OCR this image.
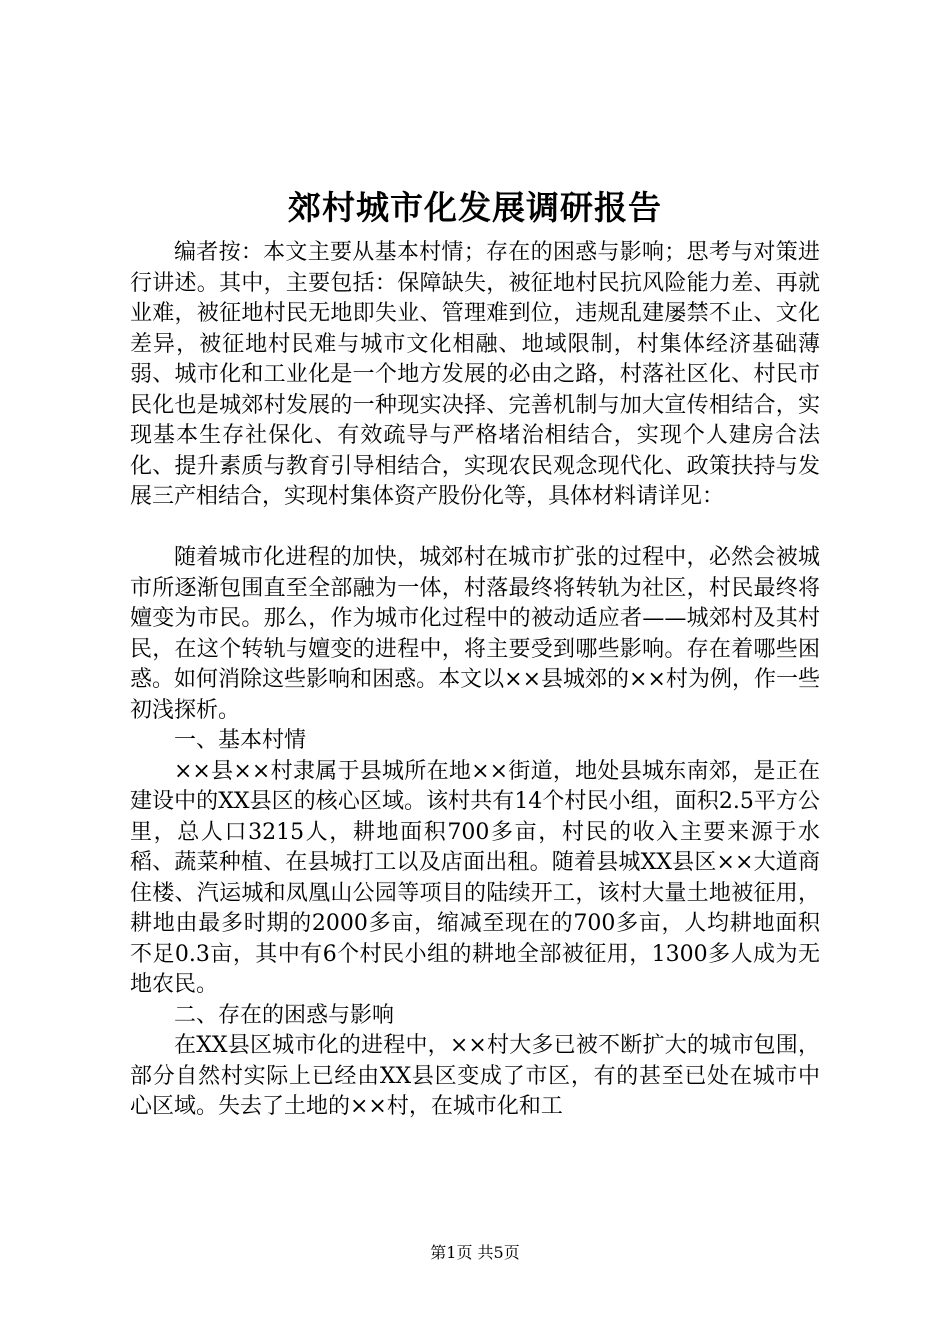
郊村城市化发展调研报告

编者按：本文主要从基本村情；存在的困惑与影响；思考与对策进行讲述。其中，主要包括：保障缺失，被征地村民抗风险能力差、再就业难，被征地村民无地即失业、管理难到位，违规乱建屡禁不止、文化差异，被征地村民难与城市文化相融、地域限制，村集体经济基础薄弱、城市化和工业化是一个地方发展的必由之路，村落社区化、村民市民化也是城郊村发展的一种现实决择、完善机制与加大宣传相结合，实现基本生存社保化、有效疏导与严格堵治相结合，实现个人建房合法化、提升素质与教育引导相结合，实现农民观念现代化、政策扶持与发展三产相结合，实现村集体资产股份化等，具体材料请详见：

随着城市化进程的加快，城郊村在城市扩张的过程中，必然会被城市所逐渐包围直至全部融为一体，村落最终将转轨为社区，村民最终将嬗变为市民。那么，作为城市化过程中的被动适应者——城郊村及其村民，在这个转轨与嬗变的进程中，将主要受到哪些影响。存在着哪些困惑。如何消除这些影响和困惑。本文以××县城郊的××村为例，作一些初浅探析。

一、基本村情

××县××村隶属于县城所在地××街道，地处县城东南郊，是正在建设中的XX县区的核心区域。该村共有14个村民小组，面积2.5平方公里，总人口3215人，耕地面积700多亩，村民的收入主要来源于水稻、蔬菜种植、在县城打工以及店面出租。随着县城XX县区××大道商住楼、汽运城和凤凰山公园等项目的陆续开工，该村大量土地被征用，耕地由最多时期的2000多亩，缩减至现在的700多亩，人均耕地面积不足0.3亩，其中有6个村民小组的耕地全部被征用，1300多人成为无地农民。

二、存在的困惑与影响

在XX县区城市化的进程中，××村大多已被不断扩大的城市包围，部分自然村实际上已经由XX县区变成了市区，有的甚至已处在城市中心区域。失去了土地的××村，在城市化和工

第1页 共5页
